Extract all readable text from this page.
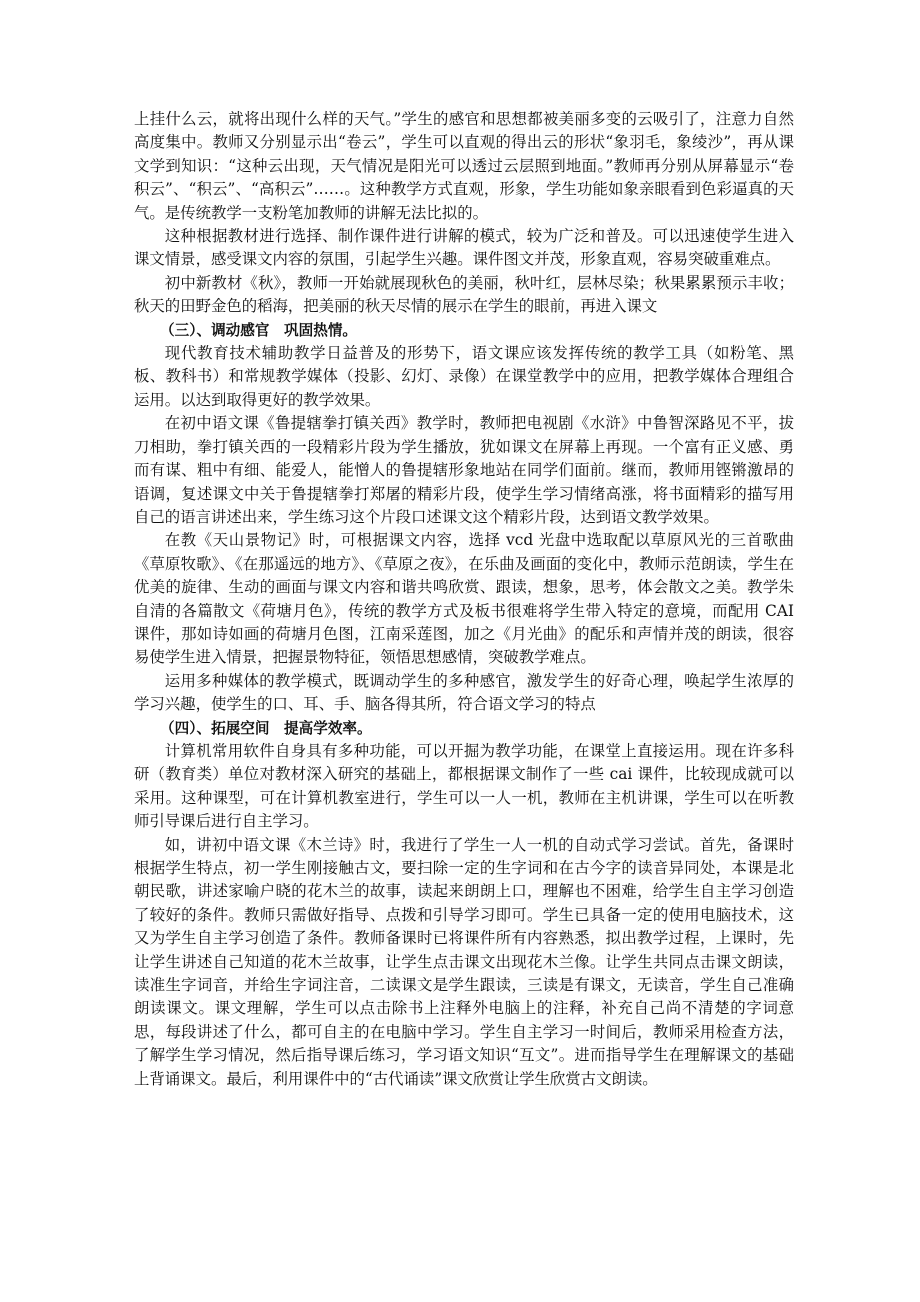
上挂什么云，就将出现什么样的天气。”学生的感官和思想都被美丽多变的云吸引了，注意力自然高度集中。教师又分别显示出“卷云”，学生可以直观的得出云的形状“象羽毛，象绫沙”，再从课文学到知识：“这种云出现，天气情况是阳光可以透过云层照到地面。”教师再分别从屏幕显示“卷积云”、“积云”、“高积云”……。这种教学方式直观，形象，学生功能如象亲眼看到色彩逼真的天气。是传统教学一支粉笔加教师的讲解无法比拟的。

这种根据教材进行选择、制作课件进行讲解的模式，较为广泛和普及。可以迅速使学生进入课文情景，感受课文内容的氛围，引起学生兴趣。课件图文并茂，形象直观，容易突破重难点。

初中新教材《秋》，教师一开始就展现秋色的美丽，秋叶红，层林尽染；秋果累累预示丰收；秋天的田野金色的稻海，把美丽的秋天尽情的展示在学生的眼前，再进入课文

（三）、调动感官　巩固热情。

现代教育技术辅助教学日益普及的形势下，语文课应该发挥传统的教学工具（如粉笔、黑板、教科书）和常规教学媒体（投影、幻灯、录像）在课堂教学中的应用，把教学媒体合理组合运用。以达到取得更好的教学效果。

在初中语文课《鲁提辖拳打镇关西》教学时，教师把电视剧《水浒》中鲁智深路见不平，拔刀相助，拳打镇关西的一段精彩片段为学生播放，犹如课文在屏幕上再现。一个富有正义感、勇而有谋、粗中有细、能爱人，能憎人的鲁提辖形象地站在同学们面前。继而，教师用铿锵激昂的语调，复述课文中关于鲁提辖拳打郑屠的精彩片段，使学生学习情绪高涨，将书面精彩的描写用自己的语言讲述出来，学生练习这个片段口述课文这个精彩片段，达到语文教学效果。

在教《天山景物记》时，可根据课文内容，选择 vcd 光盘中选取配以草原风光的三首歌曲《草原牧歌》、《在那遥远的地方》、《草原之夜》，在乐曲及画面的变化中，教师示范朗读，学生在优美的旋律、生动的画面与课文内容和谐共鸣欣赏、跟读，想象，思考，体会散文之美。教学朱自清的各篇散文《荷塘月色》，传统的教学方式及板书很难将学生带入特定的意境，而配用 CAI 课件，那如诗如画的荷塘月色图，江南采莲图，加之《月光曲》的配乐和声情并茂的朗读，很容易使学生进入情景，把握景物特征，领悟思想感情，突破教学难点。

运用多种媒体的教学模式，既调动学生的多种感官，激发学生的好奇心理，唤起学生浓厚的学习兴趣，使学生的口、耳、手、脑各得其所，符合语文学习的特点

（四）、拓展空间　提高学效率。

计算机常用软件自身具有多种功能，可以开掘为教学功能，在课堂上直接运用。现在许多科研（教育类）单位对教材深入研究的基础上，都根据课文制作了一些 cai 课件，比较现成就可以采用。这种课型，可在计算机教室进行，学生可以一人一机，教师在主机讲课，学生可以在听教师引导课后进行自主学习。

如，讲初中语文课《木兰诗》时，我进行了学生一人一机的自动式学习尝试。首先，备课时根据学生特点，初一学生刚接触古文，要扫除一定的生字词和在古今字的读音异同处，本课是北朝民歌，讲述家喻户晓的花木兰的故事，读起来朗朗上口，理解也不困难，给学生自主学习创造了较好的条件。教师只需做好指导、点拨和引导学习即可。学生已具备一定的使用电脑技术，这又为学生自主学习创造了条件。教师备课时已将课件所有内容熟悉，拟出教学过程，上课时，先让学生讲述自己知道的花木兰故事，让学生点击课文出现花木兰像。让学生共同点击课文朗读，读准生字词音，并给生字词注音，二读课文是学生跟读，三读是有课文，无读音，学生自己准确朗读课文。课文理解，学生可以点击除书上注释外电脑上的注释，补充自己尚不清楚的字词意思，每段讲述了什么，都可自主的在电脑中学习。学生自主学习一时间后，教师采用检查方法，了解学生学习情况，然后指导课后练习，学习语文知识“互文”。进而指导学生在理解课文的基础上背诵课文。最后，利用课件中的“古代诵读”课文欣赏让学生欣赏古文朗读。
